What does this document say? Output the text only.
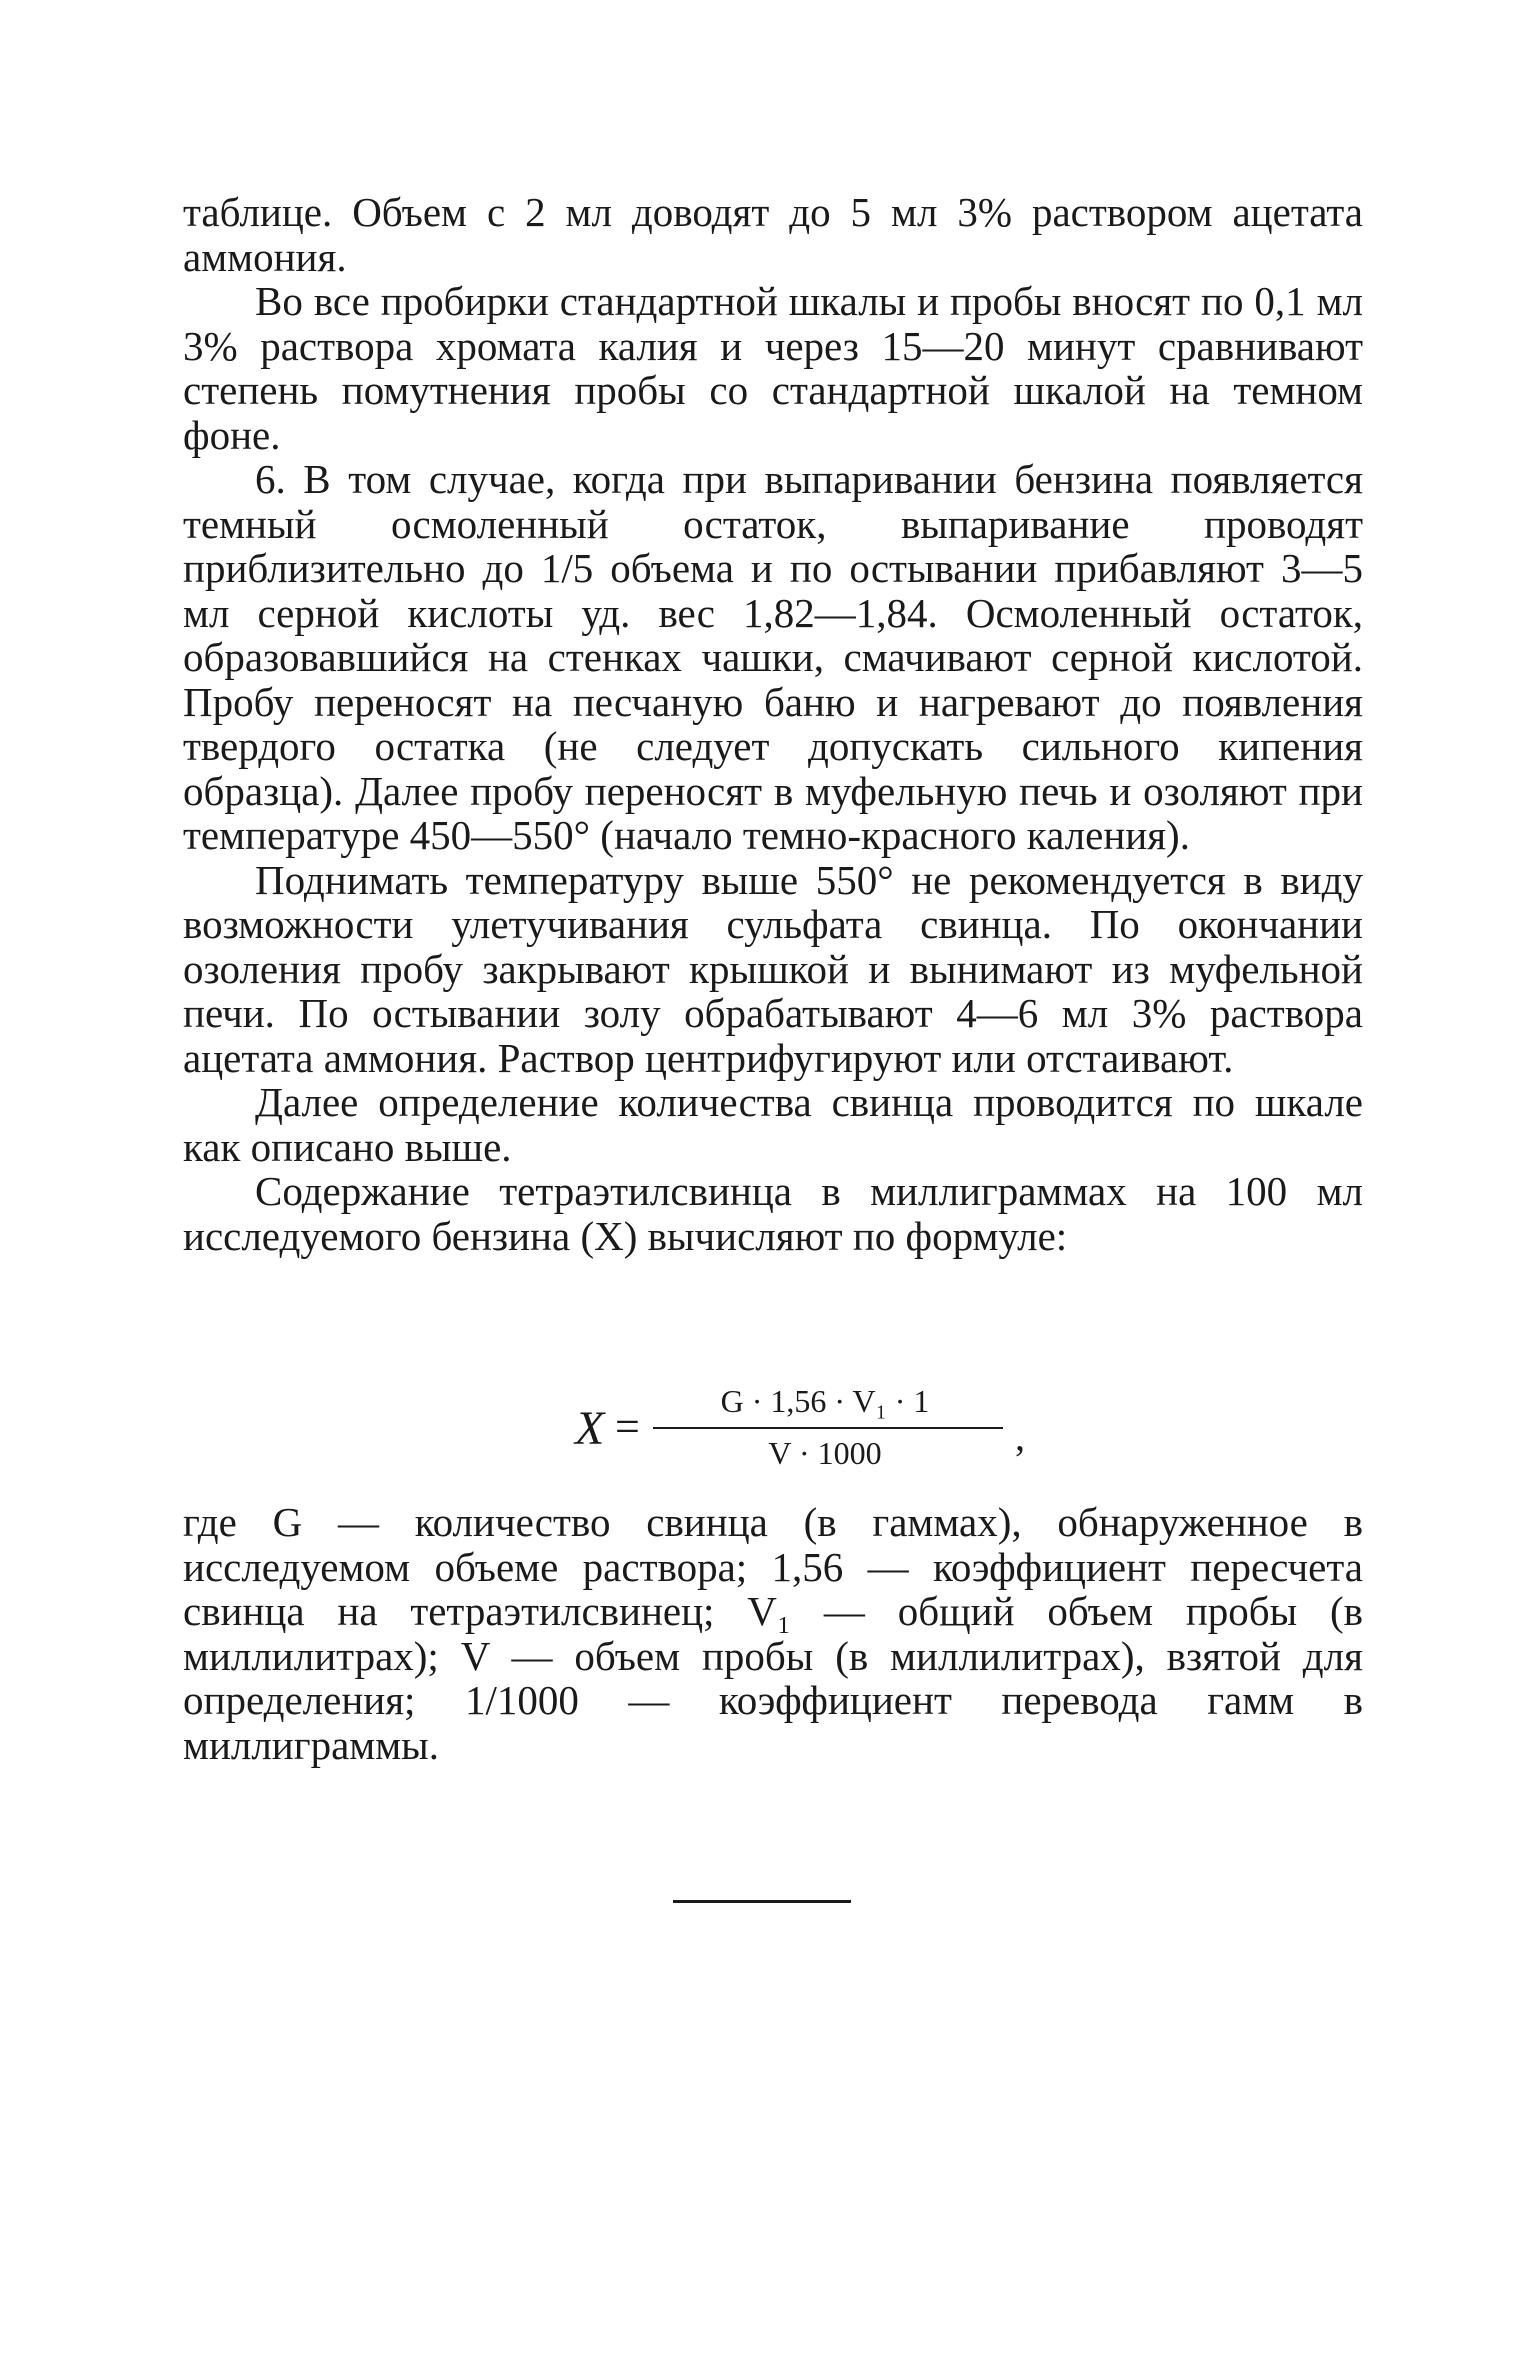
таблице. Объем с 2 мл доводят до 5 мл 3% раствором ацетата аммония.

Во все пробирки стандартной шкалы и пробы вносят по 0,1 мл 3% раствора хромата калия и через 15—20 минут сравнивают степень помутнения пробы со стандартной шкалой на темном фоне.

6. В том случае, когда при выпаривании бензина появляется темный осмоленный остаток, выпаривание проводят приблизительно до 1/5 объема и по остывании прибавляют 3—5 мл серной кислоты уд. вес 1,82—1,84. Осмоленный остаток, образовавшийся на стенках чашки, смачивают серной кислотой. Пробу переносят на песчаную баню и нагревают до появления твердого остатка (не следует допускать сильного кипения образца). Далее пробу переносят в муфельную печь и озоляют при температуре 450—550° (начало темно-красного каления).

Поднимать температуру выше 550° не рекомендуется в виду возможности улетучивания сульфата свинца. По окончании озоления пробу закрывают крышкой и вынимают из муфельной печи. По остывании золу обрабатывают 4—6 мл 3% раствора ацетата аммония. Раствор центрифугируют или отстаивают.

Далее определение количества свинца проводится по шкале как описано выше.

Содержание тетраэтилсвинца в миллиграммах на 100 мл исследуемого бензина (X) вычисляют по формуле:

X =
G · 1,56 · V₁ · 1
V · 1000	,

где G — количество свинца (в гаммах), обнаруженное в исследуемом объеме раствора; 1,56 — коэффициент пересчета свинца на тетраэтилсвинец; V₁ — общий объем пробы (в миллилитрах); V — объем пробы (в миллилитрах), взятой для определения; 1/1000 — коэффициент перевода гамм в миллиграммы.
